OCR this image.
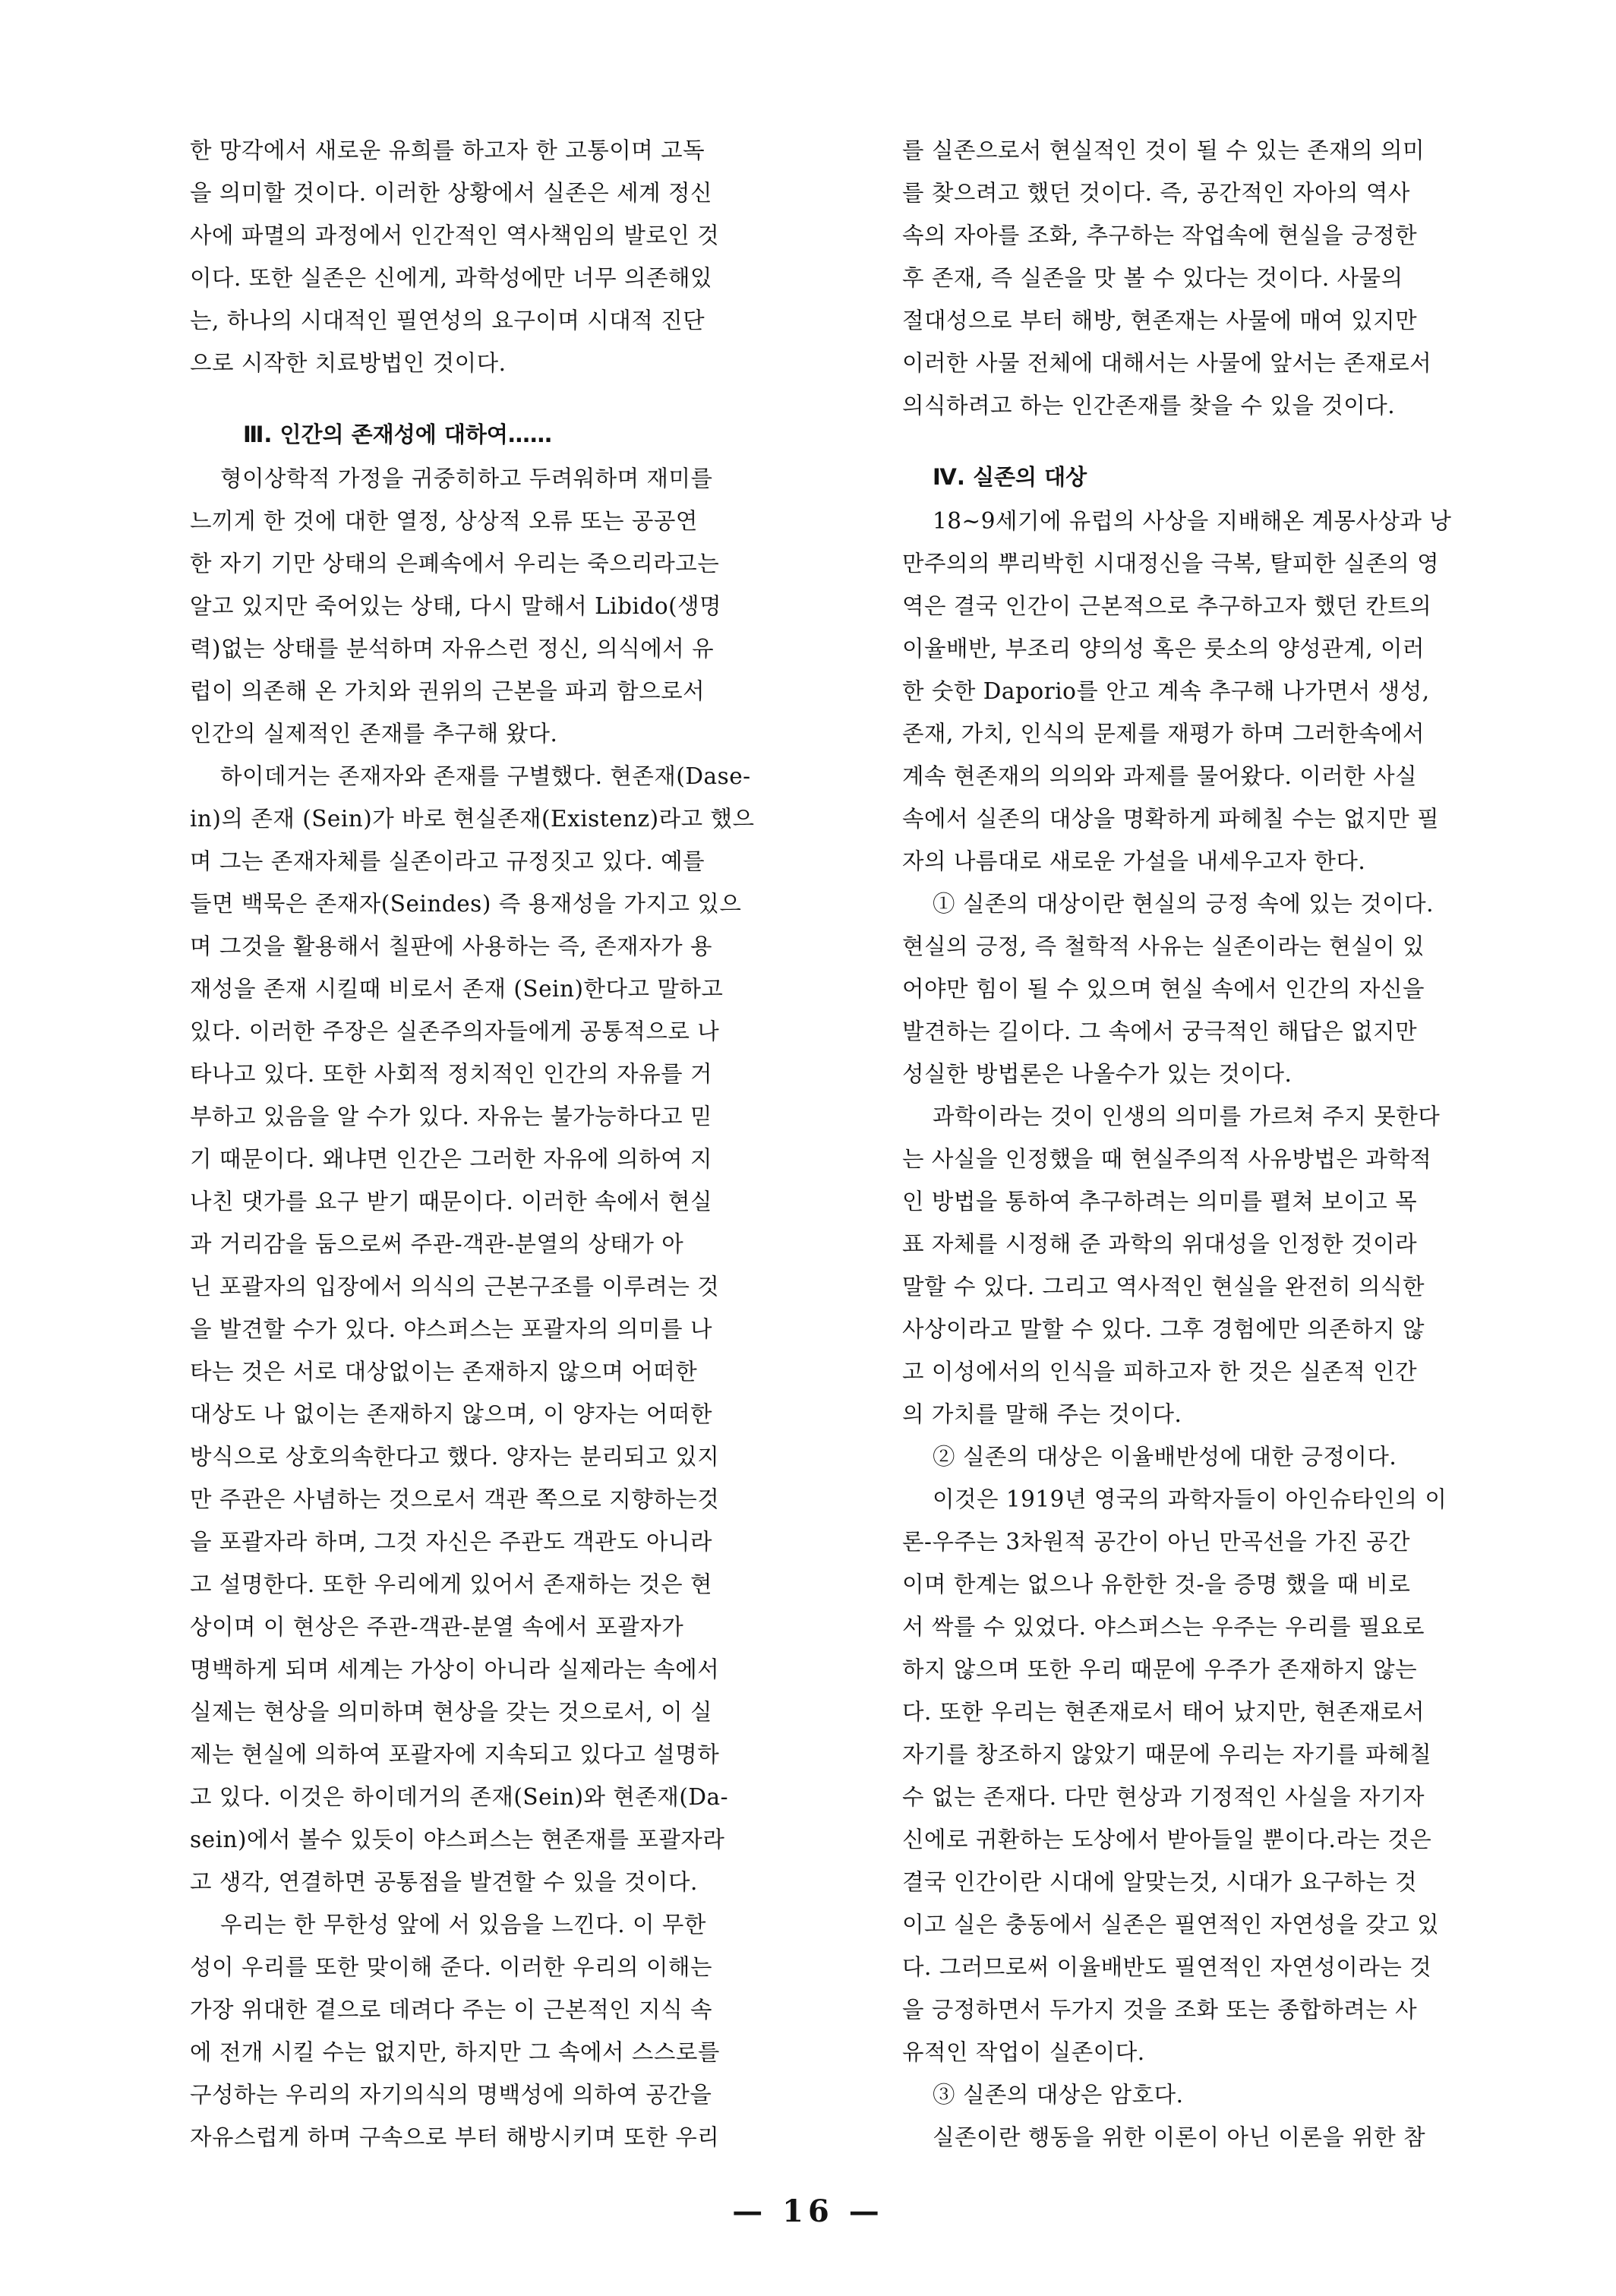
한 망각에서 새로운 유희를 하고자 한 고통이며 고독
을 의미할 것이다. 이러한 상황에서 실존은 세계 정신
사에 파멸의 과정에서 인간적인 역사책임의 발로인 것
이다. 또한 실존은 신에게, 과학성에만 너무 의존해있
는, 하나의 시대적인 필연성의 요구이며 시대적 진단
으로 시작한 치료방법인 것이다.
Ⅲ. 인간의 존재성에 대하여……
형이상학적 가정을 귀중히하고 두려워하며 재미를
느끼게 한 것에 대한 열정, 상상적 오류 또는 공공연
한 자기 기만 상태의 은폐속에서 우리는 죽으리라고는
알고 있지만 죽어있는 상태, 다시 말해서 Libido(생명
력)없는 상태를 분석하며 자유스런 정신, 의식에서 유
럽이 의존해 온 가치와 권위의 근본을 파괴 함으로서
인간의 실제적인 존재를 추구해 왔다.
하이데거는 존재자와 존재를 구별했다. 현존재(Dase-
in)의 존재 (Sein)가 바로 현실존재(Existenz)라고 했으
며 그는 존재자체를 실존이라고 규정짓고 있다. 예를
들면 백묵은 존재자(Seindes) 즉 용재성을 가지고 있으
며 그것을 활용해서 칠판에 사용하는 즉, 존재자가 용
재성을 존재 시킬때 비로서 존재 (Sein)한다고 말하고
있다. 이러한 주장은 실존주의자들에게 공통적으로 나
타나고 있다. 또한 사회적 정치적인 인간의 자유를 거
부하고 있음을 알 수가 있다. 자유는 불가능하다고 믿
기 때문이다. 왜냐면 인간은 그러한 자유에 의하여 지
나친 댓가를 요구 받기 때문이다. 이러한 속에서 현실
과 거리감을 둠으로써 주관-객관-분열의 상태가 아
닌 포괄자의 입장에서 의식의 근본구조를 이루려는 것
을 발견할 수가 있다. 야스퍼스는 포괄자의 의미를 나
타는 것은 서로 대상없이는 존재하지 않으며 어떠한
대상도 나 없이는 존재하지 않으며, 이 양자는 어떠한
방식으로 상호의속한다고 했다. 양자는 분리되고 있지
만 주관은 사념하는 것으로서 객관 쪽으로 지향하는것
을 포괄자라 하며, 그것 자신은 주관도 객관도 아니라
고 설명한다. 또한 우리에게 있어서 존재하는 것은 현
상이며 이 현상은 주관-객관-분열 속에서 포괄자가
명백하게 되며 세계는 가상이 아니라 실제라는 속에서
실제는 현상을 의미하며 현상을 갖는 것으로서, 이 실
제는 현실에 의하여 포괄자에 지속되고 있다고 설명하
고 있다. 이것은 하이데거의 존재(Sein)와 현존재(Da-
sein)에서 볼수 있듯이 야스퍼스는 현존재를 포괄자라
고 생각, 연결하면 공통점을 발견할 수 있을 것이다.
우리는 한 무한성 앞에 서 있음을 느낀다. 이 무한
성이 우리를 또한 맞이해 준다. 이러한 우리의 이해는
가장 위대한 곁으로 데려다 주는 이 근본적인 지식 속
에 전개 시킬 수는 없지만, 하지만 그 속에서 스스로를
구성하는 우리의 자기의식의 명백성에 의하여 공간을
자유스럽게 하며 구속으로 부터 해방시키며 또한 우리
를 실존으로서 현실적인 것이 될 수 있는 존재의 의미
를 찾으려고 했던 것이다. 즉, 공간적인 자아의 역사
속의 자아를 조화, 추구하는 작업속에 현실을 긍정한
후 존재, 즉 실존을 맛 볼 수 있다는 것이다. 사물의
절대성으로 부터 해방, 현존재는 사물에 매여 있지만
이러한 사물 전체에 대해서는 사물에 앞서는 존재로서
의식하려고 하는 인간존재를 찾을 수 있을 것이다.
Ⅳ. 실존의 대상
18~9세기에 유럽의 사상을 지배해온 계몽사상과 낭
만주의의 뿌리박힌 시대정신을 극복, 탈피한 실존의 영
역은 결국 인간이 근본적으로 추구하고자 했던 칸트의
이율배반, 부조리 양의성 혹은 룻소의 양성관계, 이러
한 숫한 Daporio를 안고 계속 추구해 나가면서 생성,
존재, 가치, 인식의 문제를 재평가 하며 그러한속에서
계속 현존재의 의의와 과제를 물어왔다. 이러한 사실
속에서 실존의 대상을 명확하게 파헤칠 수는 없지만 필
자의 나름대로 새로운 가설을 내세우고자 한다.
① 실존의 대상이란 현실의 긍정 속에 있는 것이다.
현실의 긍정, 즉 철학적 사유는 실존이라는 현실이 있
어야만 힘이 될 수 있으며 현실 속에서 인간의 자신을
발견하는 길이다. 그 속에서 궁극적인 해답은 없지만
성실한 방법론은 나올수가 있는 것이다.
과학이라는 것이 인생의 의미를 가르쳐 주지 못한다
는 사실을 인정했을 때 현실주의적 사유방법은 과학적
인 방법을 통하여 추구하려는 의미를 펼쳐 보이고 목
표 자체를 시정해 준 과학의 위대성을 인정한 것이라
말할 수 있다. 그리고 역사적인 현실을 완전히 의식한
사상이라고 말할 수 있다. 그후 경험에만 의존하지 않
고 이성에서의 인식을 피하고자 한 것은 실존적 인간
의 가치를 말해 주는 것이다.
② 실존의 대상은 이율배반성에 대한 긍정이다.
이것은 1919년 영국의 과학자들이 아인슈타인의 이
론-우주는 3차원적 공간이 아닌 만곡선을 가진 공간
이며 한계는 없으나 유한한 것-을 증명 했을 때 비로
서 싹를 수 있었다. 야스퍼스는 우주는 우리를 필요로
하지 않으며 또한 우리 때문에 우주가 존재하지 않는
다. 또한 우리는 현존재로서 태어 났지만, 현존재로서
자기를 창조하지 않았기 때문에 우리는 자기를 파헤칠
수 없는 존재다. 다만 현상과 기정적인 사실을 자기자
신에로 귀환하는 도상에서 받아들일 뿐이다.라는 것은
결국 인간이란 시대에 알맞는것, 시대가 요구하는 것
이고 실은 충동에서 실존은 필연적인 자연성을 갖고 있
다. 그러므로써 이율배반도 필연적인 자연성이라는 것
을 긍정하면서 두가지 것을 조화 또는 종합하려는 사
유적인 작업이 실존이다.
③ 실존의 대상은 암호다.
실존이란 행동을 위한 이론이 아닌 이론을 위한 참
— 16 —
